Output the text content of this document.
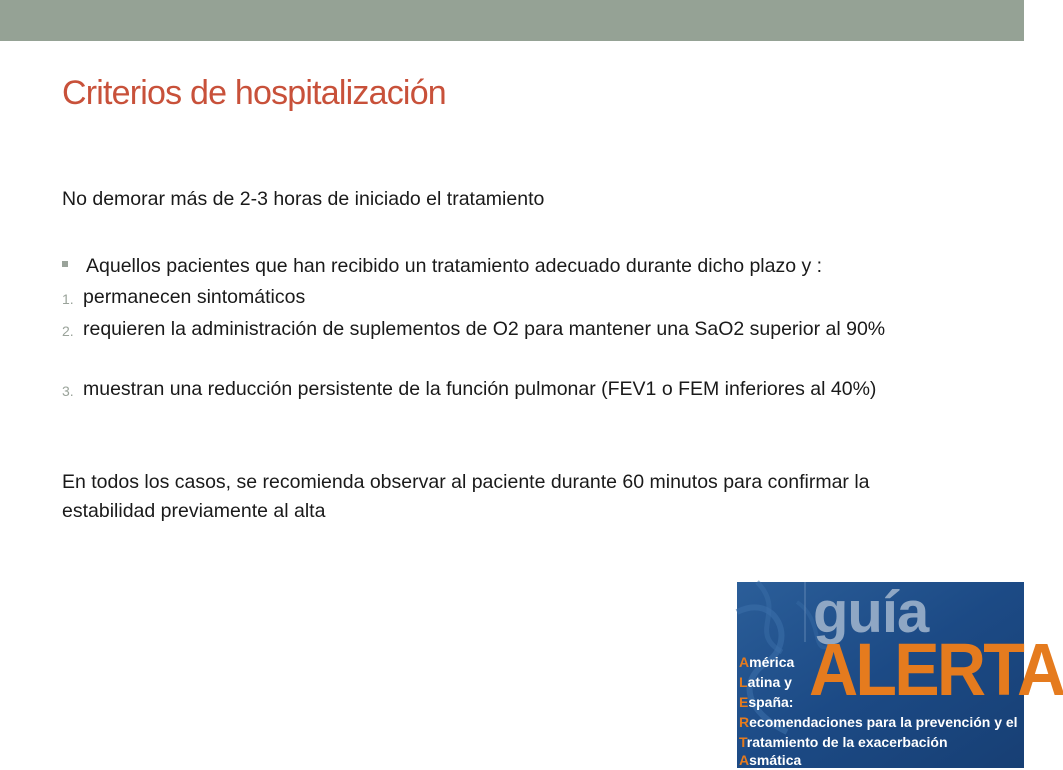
Criterios de hospitalización
No demorar más de 2-3 horas de iniciado el tratamiento
Aquellos pacientes que han recibido un tratamiento adecuado durante dicho plazo y :
1. permanecen sintomáticos
2. requieren la administración de suplementos de O2 para mantener una SaO2 superior al 90%
3. muestran una reducción persistente de la función pulmonar (FEV1 o FEM inferiores al 40%)
En todos los casos, se recomienda observar al paciente durante 60 minutos para confirmar la estabilidad previamente al alta
guía
ALERTA
América
Latina y
España:
Recomendaciones para la prevención y el
Tratamiento de la exacerbación
Asmática
